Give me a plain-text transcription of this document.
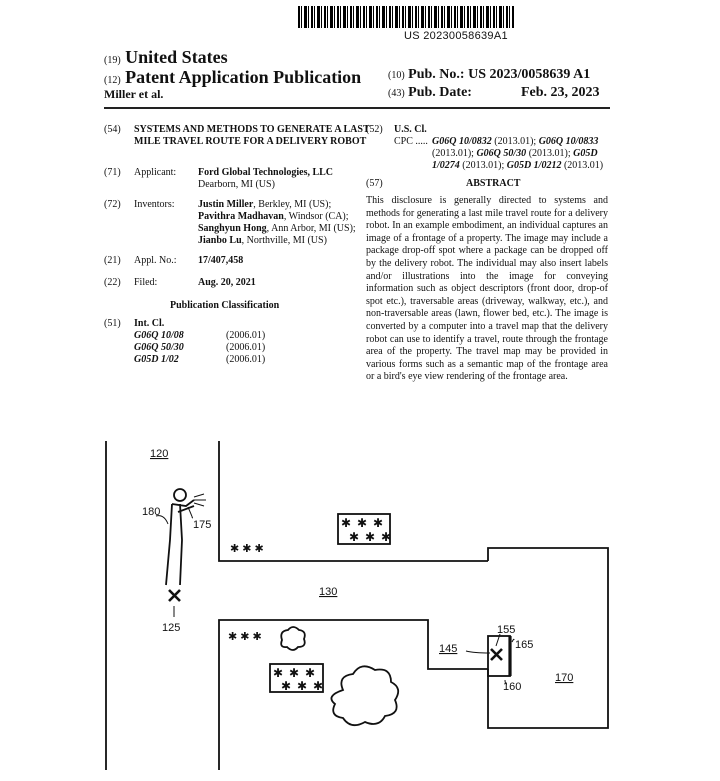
US 20230058639A1
(19) United States
(12) Patent Application Publication
Miller et al.
(10) Pub. No.: US 2023/0058639 A1
(43) Pub. Date:	Feb. 23, 2023
(54) SYSTEMS AND METHODS TO GENERATE A LAST MILE TRAVEL ROUTE FOR A DELIVERY ROBOT
(71) Applicant: Ford Global Technologies, LLC
Dearborn, MI (US)
(72) Inventors: Justin Miller, Berkley, MI (US);
Pavithra Madhavan, Windsor (CA);
Sanghyun Hong, Ann Arbor, MI (US);
Jianbo Lu, Northville, MI (US)
(21) Appl. No.: 17/407,458
(22) Filed:	Aug. 20, 2021
Publication Classification
(51) Int. Cl.
G06Q 10/08	(2006.01)
G06Q 50/30	(2006.01)
G05D 1/02	(2006.01)
(52) U.S. Cl.
CPC ..... G06Q 10/0832 (2013.01); G06Q 10/0833
(2013.01); G06Q 50/30 (2013.01); G05D
1/0274 (2013.01); G05D 1/0212 (2013.01)
(57)	ABSTRACT
This disclosure is generally directed to systems and methods for generating a last mile travel route for a delivery robot. In an example embodiment, an individual captures an image of a frontage of a property. The image may include a package drop-off spot where a package can be dropped off by the delivery robot. The individual may also insert labels and/or illustrations into the image for conveying information such as object descriptors (front door, drop-of spot etc.), traversable areas (driveway, walkway, etc.), and non-traversable areas (lawn, flower bed, etc.). The image is converted by a computer into a travel map that the delivery robot can use to identify a travel, route through the frontage area of the property. The travel map may be provided in various forms such as a semantic map of the frontage area or a bird's eye view rendering of the frontage area.
✱ ✱ ✱
✱ ✱ ✱
✱ ✱ ✱
✱ ✱ ✱
✱ ✱ ✱
✱ ✱ ✱
120
180
175
125
130
145
155
165
160
170
